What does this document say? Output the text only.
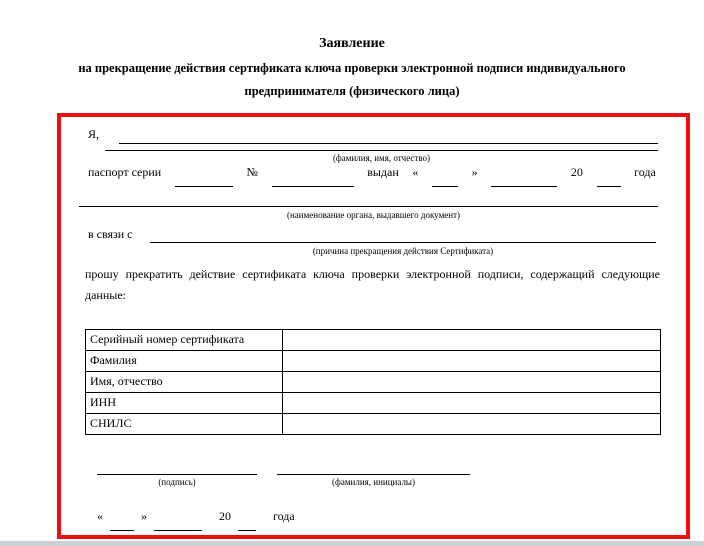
Заявление
на прекращение действия сертификата ключа проверки электронной подписи индивидуального
предпринимателя (физического лица)
Я,
(фамилия, имя, отчество)
паспорт серии	№	выдан «	»	20	года
(наименование органа, выдавшего документ)
в связи с
(причина прекращения действия Сертификата)
прошу прекратить действие сертификата ключа проверки электронной подписи, содержащий следующие данные:
Серийный номер сертификата	
Фамилия	
Имя, отчество	
ИНН	
СНИЛС	
(подпись)	(фамилия, инициалы)
«	»	20	года
